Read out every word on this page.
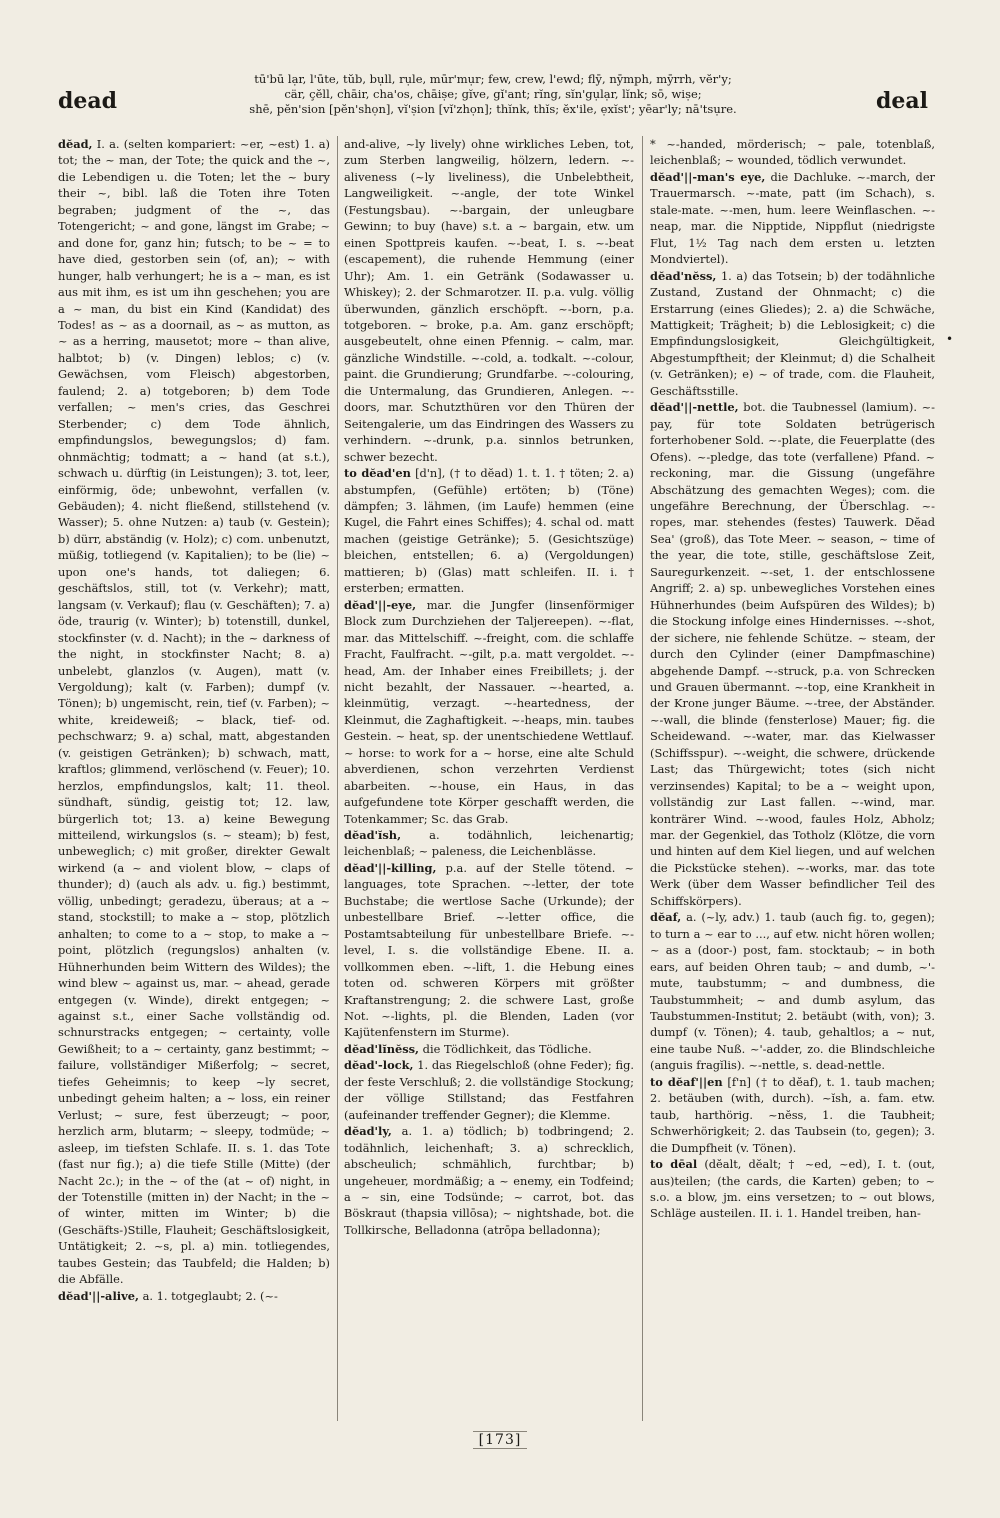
dead
tū'bū lạr, l'ūte, tŭb, bụll, rụle, mūr'mụr; few, crew, l'ewd; flȳ, nȳmph, mȳrrh, vĕr'y;
cär, çĕll, chāir, cha'os, chāiṣe; gĭve, gĭ'ant; rĭng, sĭn'gụlạr, lĭnk; sō, wiṣe;
shē, pĕn'sion [pĕn'shọn], vĭ'ṣion [vĭ'zhọn]; thĭnk, thĭs; ĕx'ile, ẹxĭst'; yēar'ly; nā'tsụre.	deal

dĕad, I. a. (selten kompariert: ~er, ~est) 1. a) tot; the ~ man, der Tote; the quick and the ~, die Lebendigen u. die Toten; let the ~ bury their ~, bibl. laß die Toten ihre Toten begraben; judgment of the ~, das Totengericht; ~ and gone, längst im Grabe; ~ and done for, ganz hin; futsch; to be ~ = to have died, gestorben sein (of, an); ~ with hunger, halb verhungert; he is a ~ man, es ist aus mit ihm, es ist um ihn geschehen; you are a ~ man, du bist ein Kind (Kandidat) des Todes! as ~ as a doornail, as ~ as mutton, as ~ as a herring, mausetot; more ~ than alive, halbtot; b) (v. Dingen) leblos; c) (v. Gewächsen, vom Fleisch) abgestorben, faulend; 2. a) totgeboren; b) dem Tode verfallen; ~ men's cries, das Geschrei Sterbender; c) dem Tode ähnlich, empfindungslos, bewegungslos; d) fam. ohnmächtig; todmatt; a ~ hand (at s.t.), schwach u. dürftig (in Leistungen); 3. tot, leer, einförmig, öde; unbewohnt, verfallen (v. Gebäuden); 4. nicht fließend, stillstehend (v. Wasser); 5. ohne Nutzen: a) taub (v. Gestein); b) dürr, abständig (v. Holz); c) com. unbenutzt, müßig, totliegend (v. Kapitalien); to be (lie) ~ upon one's hands, tot daliegen; 6. geschäftslos, still, tot (v. Verkehr); matt, langsam (v. Verkauf); flau (v. Geschäften); 7. a) öde, traurig (v. Winter); b) totenstill, dunkel, stockfinster (v. d. Nacht); in the ~ darkness of the night, in stockfinster Nacht; 8. a) unbelebt, glanzlos (v. Augen), matt (v. Vergoldung); kalt (v. Farben); dumpf (v. Tönen); b) ungemischt, rein, tief (v. Farben); ~ white, kreideweiß; ~ black, tief- od. pechschwarz; 9. a) schal, matt, abgestanden (v. geistigen Getränken); b) schwach, matt, kraftlos; glimmend, verlöschend (v. Feuer); 10. herzlos, empfindungslos, kalt; 11. theol. sündhaft, sündig, geistig tot; 12. law, bürgerlich tot; 13. a) keine Bewegung mitteilend, wirkungslos (s. ~ steam); b) fest, unbeweglich; c) mit großer, direkter Gewalt wirkend (a ~ and violent blow, ~ claps of thunder); d) (auch als adv. u. fig.) bestimmt, völlig, unbedingt; geradezu, überaus; at a ~ stand, stockstill; to make a ~ stop, plötzlich anhalten; to come to a ~ stop, to make a ~ point, plötzlich (regungslos) anhalten (v. Hühnerhunden beim Wittern des Wildes); the wind blew ~ against us, mar. ~ ahead, gerade entgegen (v. Winde), direkt entgegen; ~ against s.t., einer Sache vollständig od. schnurstracks entgegen; ~ certainty, volle Gewißheit; to a ~ certainty, ganz bestimmt; ~ failure, vollständiger Mißerfolg; ~ secret, tiefes Geheimnis; to keep ~ly secret, unbedingt geheim halten; a ~ loss, ein reiner Verlust; ~ sure, fest überzeugt; ~ poor, herzlich arm, blutarm; ~ sleepy, todmüde; ~ asleep, im tiefsten Schlafe. II. s. 1. das Tote (fast nur fig.); a) die tiefe Stille (Mitte) (der Nacht 2c.); in the ~ of the (at ~ of) night, in der Totenstille (mitten in) der Nacht; in the ~ of winter, mitten im Winter; b) die (Geschäfts-)Stille, Flauheit; Geschäftslosigkeit, Untätigkeit; 2. ~s, pl. a) min. totliegendes, taubes Gestein; das Taubfeld; die Halden; b) die Abfälle.

dĕad'||-alive, a. 1. totgeglaubt; 2. (~-

and-alive, ~ly lively) ohne wirkliches Leben, tot, zum Sterben langweilig, hölzern, ledern. ~-aliveness (~ly liveliness), die Unbelebtheit, Langweiligkeit. ~-angle, der tote Winkel (Festungsbau). ~-bargain, der unleugbare Gewinn; to buy (have) s.t. a ~ bargain, etw. um einen Spottpreis kaufen. ~-beat, I. s. ~-beat (escapement), die ruhende Hemmung (einer Uhr); Am. 1. ein Getränk (Sodawasser u. Whiskey); 2. der Schmarotzer. II. p.a. vulg. völlig überwunden, gänzlich erschöpft. ~-born, p.a. totgeboren. ~ broke, p.a. Am. ganz erschöpft; ausgebeutelt, ohne einen Pfennig. ~ calm, mar. gänzliche Windstille. ~-cold, a. todkalt. ~-colour, paint. die Grundierung; Grundfarbe. ~-colouring, die Untermalung, das Grundieren, Anlegen. ~-doors, mar. Schutzthüren vor den Thüren der Seitengalerie, um das Eindringen des Wassers zu verhindern. ~-drunk, p.a. sinnlos betrunken, schwer bezecht.

to dĕad'en [d'n], († to dĕad) 1. t. 1. † töten; 2. a) abstumpfen, (Gefühle) ertöten; b) (Töne) dämpfen; 3. lähmen, (im Laufe) hemmen (eine Kugel, die Fahrt eines Schiffes); 4. schal od. matt machen (geistige Getränke); 5. (Gesichtszüge) bleichen, entstellen; 6. a) (Vergoldungen) mattieren; b) (Glas) matt schleifen. II. i. † ersterben; ermatten.

dĕad'||-eye, mar. die Jungfer (linsenförmiger Block zum Durchziehen der Taljereepen). ~-flat, mar. das Mittelschiff. ~-freight, com. die schlaffe Fracht, Faulfracht. ~-gilt, p.a. matt vergoldet. ~-head, Am. der Inhaber eines Freibillets; j. der nicht bezahlt, der Nassauer. ~-hearted, a. kleinmütig, verzagt. ~-heartedness, der Kleinmut, die Zaghaftigkeit. ~-heaps, min. taubes Gestein. ~ heat, sp. der unentschiedene Wettlauf. ~ horse: to work for a ~ horse, eine alte Schuld abverdienen, schon verzehrten Verdienst abarbeiten. ~-house, ein Haus, in das aufgefundene tote Körper geschafft werden, die Totenkammer; Sc. das Grab.

dĕad'ĭsh, a. todähnlich, leichenartig; leichenblaß; ~ paleness, die Leichenblässe.

dĕad'||-killing, p.a. auf der Stelle tötend. ~ languages, tote Sprachen. ~-letter, der tote Buchstabe; die wertlose Sache (Urkunde); der unbestellbare Brief. ~-letter office, die Postamtsabteilung für unbestellbare Briefe. ~-level, I. s. die vollständige Ebene. II. a. vollkommen eben. ~-lift, 1. die Hebung eines toten od. schweren Körpers mit größter Kraftanstrengung; 2. die schwere Last, große Not. ~-lights, pl. die Blenden, Laden (vor Kajütenfenstern im Sturme).

dĕad'lĭnĕss, die Tödlichkeit, das Tödliche.

dĕad'-lock, 1. das Riegelschloß (ohne Feder); fig. der feste Verschluß; 2. die vollständige Stockung; der völlige Stillstand; das Festfahren (aufeinander treffender Gegner); die Klemme.

dĕad'ly, a. 1. a) tödlich; b) todbringend; 2. todähnlich, leichenhaft; 3. a) schrecklich, abscheulich; schmählich, furchtbar; b) ungeheuer, mordmäßig; a ~ enemy, ein Todfeind; a ~ sin, eine Todsünde; ~ carrot, bot. das Böskraut (thapsia villōsa); ~ nightshade, bot. die Tollkirsche, Belladonna (atrōpa belladonna);

* ~-handed, mörderisch; ~ pale, totenblaß, leichenblaß; ~ wounded, tödlich verwundet.

dĕad'||-man's eye, die Dachluke. ~-march, der Trauermarsch. ~-mate, patt (im Schach), s. stale-mate. ~-men, hum. leere Weinflaschen. ~-neap, mar. die Nipptide, Nippflut (niedrigste Flut, 1½ Tag nach dem ersten u. letzten Mondviertel).

dĕad'nĕss, 1. a) das Totsein; b) der todähnliche Zustand, Zustand der Ohnmacht; c) die Erstarrung (eines Gliedes); 2. a) die Schwäche, Mattigkeit; Trägheit; b) die Leblosigkeit; c) die Empfindungslosigkeit, Gleichgültigkeit, Abgestumpftheit; der Kleinmut; d) die Schalheit (v. Getränken); e) ~ of trade, com. die Flauheit, Geschäftsstille.

dĕad'||-nettle, bot. die Taubnessel (lamium). ~-pay, für tote Soldaten betrügerisch forterhobener Sold. ~-plate, die Feuerplatte (des Ofens). ~-pledge, das tote (verfallene) Pfand. ~ reckoning, mar. die Gissung (ungefähre Abschätzung des gemachten Weges); com. die ungefähre Berechnung, der Überschlag. ~-ropes, mar. stehendes (festes) Tauwerk. Dĕad Sea' (groß), das Tote Meer. ~ season, ~ time of the year, die tote, stille, geschäftslose Zeit, Sauregurkenzeit. ~-set, 1. der entschlossene Angriff; 2. a) sp. unbewegliches Vorstehen eines Hühnerhundes (beim Aufspüren des Wildes); b) die Stockung infolge eines Hindernisses. ~-shot, der sichere, nie fehlende Schütze. ~ steam, der durch den Cylinder (einer Dampfmaschine) abgehende Dampf. ~-struck, p.a. von Schrecken und Grauen übermannt. ~-top, eine Krankheit in der Krone junger Bäume. ~-tree, der Abständer. ~-wall, die blinde (fensterlose) Mauer; fig. die Scheidewand. ~-water, mar. das Kielwasser (Schiffsspur). ~-weight, die schwere, drückende Last; das Thürgewicht; totes (sich nicht verzinsendes) Kapital; to be a ~ weight upon, vollständig zur Last fallen. ~-wind, mar. konträrer Wind. ~-wood, faules Holz, Abholz; mar. der Gegenkiel, das Totholz (Klötze, die vorn und hinten auf dem Kiel liegen, und auf welchen die Pickstücke stehen). ~-works, mar. das tote Werk (über dem Wasser befindlicher Teil des Schiffskörpers).

dĕaf, a. (~ly, adv.) 1. taub (auch fig. to, gegen); to turn a ~ ear to ..., auf etw. nicht hören wollen; ~ as a (door-) post, fam. stocktaub; ~ in both ears, auf beiden Ohren taub; ~ and dumb, ~'-mute, taubstumm; ~ and dumbness, die Taubstummheit; ~ and dumb asylum, das Taubstummen-Institut; 2. betäubt (with, von); 3. dumpf (v. Tönen); 4. taub, gehaltlos; a ~ nut, eine taube Nuß. ~'-adder, zo. die Blindschleiche (anguis fragĭlis). ~-nettle, s. dead-nettle.

to dĕaf'||en [f'n] († to dĕaf), t. 1. taub machen; 2. betäuben (with, durch). ~ĭsh, a. fam. etw. taub, harthörig. ~nĕss, 1. die Taubheit; Schwerhörigkeit; 2. das Taubsein (to, gegen); 3. die Dumpfheit (v. Tönen).

to dēal (dĕalt, dĕalt; † ~ed, ~ed), I. t. (out, aus)teilen; (the cards, die Karten) geben; to ~ s.o. a blow, jm. eins versetzen; to ~ out blows, Schläge austeilen. II. i. 1. Handel treiben, han-

•
[173]
